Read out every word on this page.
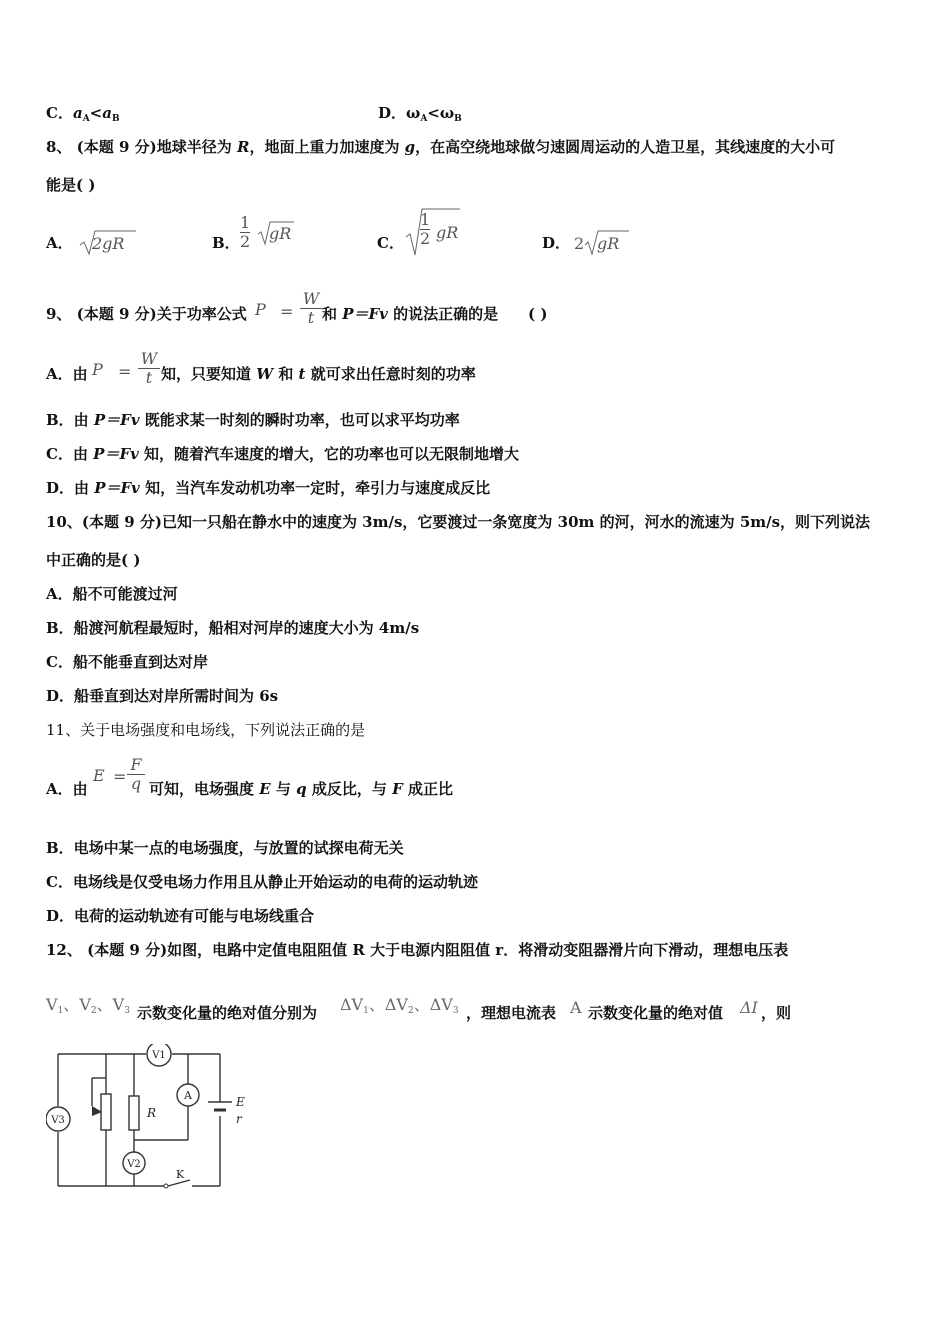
C．$a_A<a_B$	D．$\omega_A<\omega_B$
8、 (本题 9 分)地球半径为 R，地面上重力加速度为 g，在高空绕地球做匀速圆周运动的人造卫星，其线速度的大小可
能是( )
A． 2gR	B． $\frac{1}{2}$ gR	C． $\frac{1}{2}$ gR
D． 2 gR
9、 (本题 9 分)关于功率公式 $P = \frac{W}{t}$ 和 P＝Fv 的说法正确的是 ( )
A．由 $P = \frac{W}{t}$ 知，只要知道 W 和 t 就可求出任意时刻的功率
B．由 P＝Fv 既能求某一时刻的瞬时功率，也可以求平均功率
C．由 P＝Fv 知，随着汽车速度的增大，它的功率也可以无限制地增大
D．由 P＝Fv 知，当汽车发动机功率一定时，牵引力与速度成反比
10、(本题 9 分)已知一只船在静水中的速度为 3m/s，它要渡过一条宽度为 30m 的河，河水的流速为 5m/s，则下列说法
中正确的是( )
A．船不可能渡过河
B．船渡河航程最短时，船相对河岸的速度大小为 4m/s
C．船不能垂直到达对岸
D．船垂直到达对岸所需时间为 6s
11、关于电场强度和电场线，下列说法正确的是
A．由
$E = \frac{F}{q}$ 可知，电场强度 E 与 q 成反比，与 F 成正比
B．电场中某一点的电场强度，与放置的试探电荷无关
C．电场线是仅受电场力作用且从静止开始运动的电荷的运动轨迹
D．电荷的运动轨迹有可能与电场线重合
12、 (本题 9 分)如图，电路中定值电阻阻值 R 大于电源内阻阻值 r．将滑动变阻器滑片向下滑动，理想电压表
$V_1$、$V_2$、$V_3$ 示数变化量的绝对值分别为 $\Delta V_1$、$\Delta V_2$、$\Delta V_3$ ，理想电流表 A 示数变化量的绝对值 ΔI ，则
V1
V3
V2
A
R
E
r
K
